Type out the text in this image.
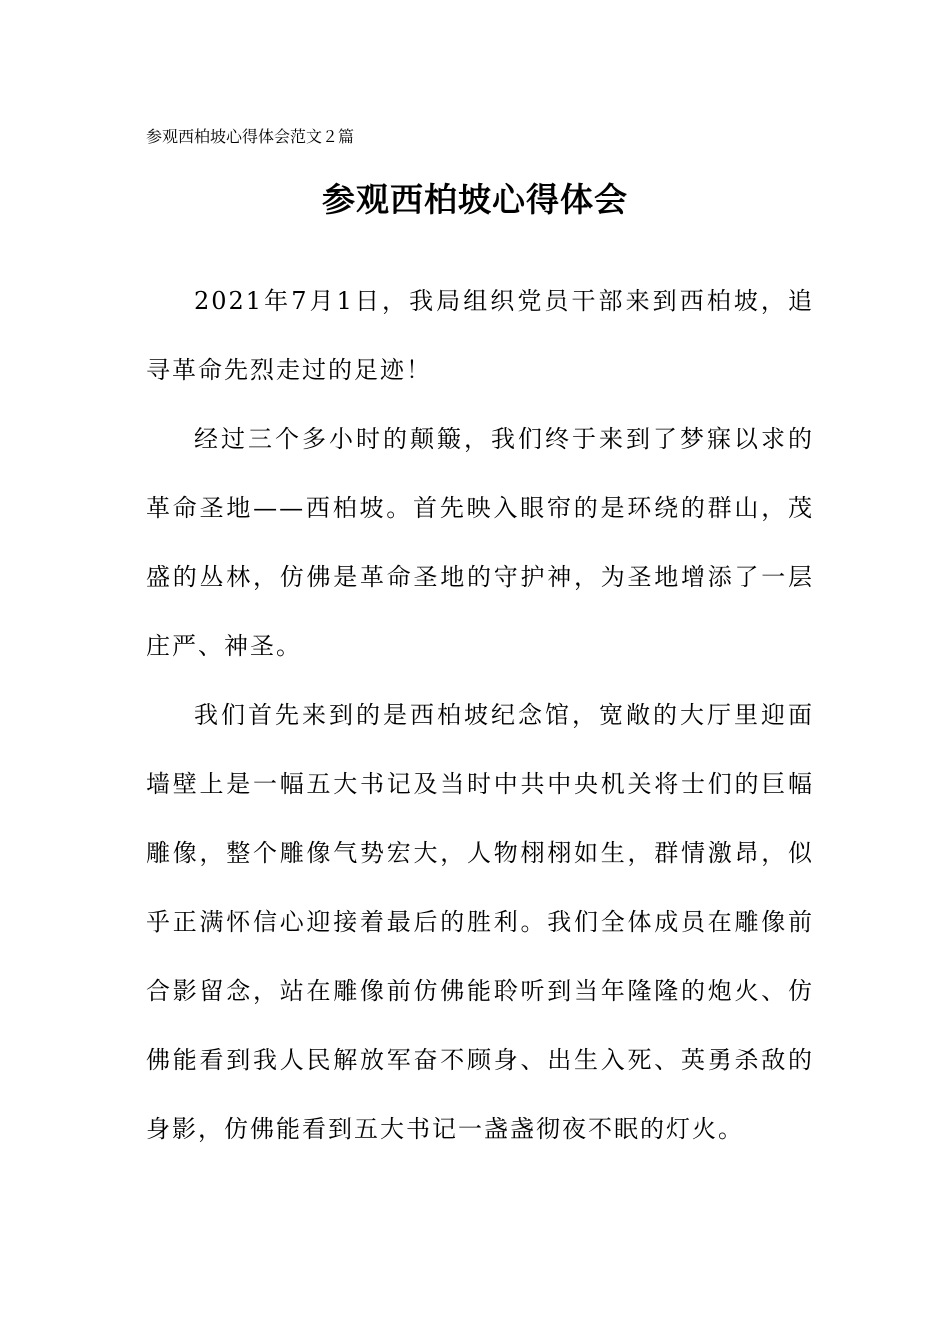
参观西柏坡心得体会范文２篇
参观西柏坡心得体会

2021年7月1日，我局组织党员干部来到西柏坡，追寻革命先烈走过的足迹！

经过三个多小时的颠簸，我们终于来到了梦寐以求的革命圣地——西柏坡。首先映入眼帘的是环绕的群山，茂盛的丛林，仿佛是革命圣地的守护神，为圣地增添了一层庄严、神圣。

我们首先来到的是西柏坡纪念馆，宽敞的大厅里迎面墙壁上是一幅五大书记及当时中共中央机关将士们的巨幅雕像，整个雕像气势宏大，人物栩栩如生，群情激昂，似乎正满怀信心迎接着最后的胜利。我们全体成员在雕像前合影留念，站在雕像前仿佛能聆听到当年隆隆的炮火、仿佛能看到我人民解放军奋不顾身、出生入死、英勇杀敌的身影，仿佛能看到五大书记一盏盏彻夜不眠的灯火。
